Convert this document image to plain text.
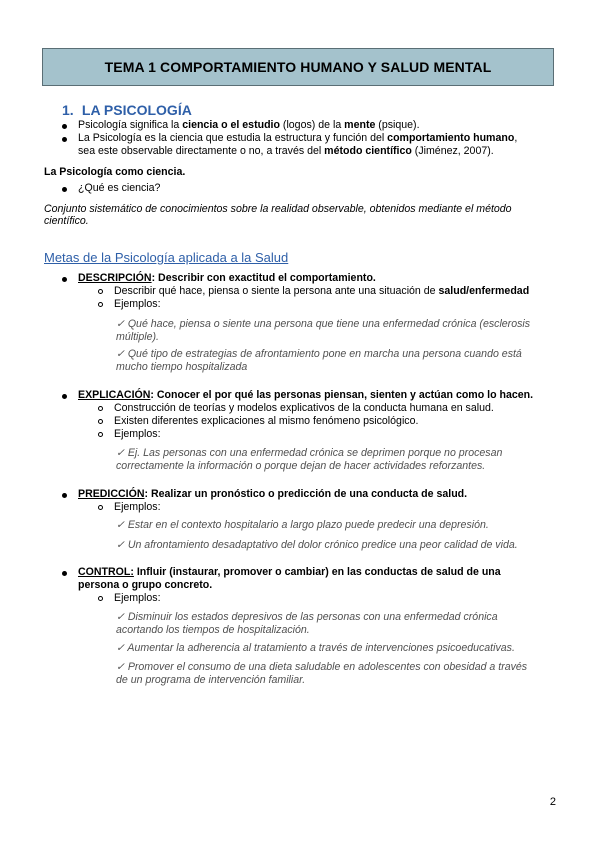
TEMA 1 COMPORTAMIENTO HUMANO Y SALUD MENTAL
1. LA PSICOLOGÍA
Psicología significa la ciencia o el estudio (logos) de la mente (psique).
La Psicología es la ciencia que estudia la estructura y función del comportamiento humano,
sea este observable directamente o no, a través del método científico (Jiménez, 2007).
La Psicología como ciencia.
¿Qué es ciencia?
Conjunto sistemático de conocimientos sobre la realidad observable, obtenidos mediante el método
científico.
Metas de la Psicología aplicada a la Salud
DESCRIPCIÓN: Describir con exactitud el comportamiento.
Describir qué hace, piensa o siente la persona ante una situación de salud/enfermedad
Ejemplos:
✓ Qué hace, piensa o siente una persona que tiene una enfermedad crónica (esclerosis
múltiple).
✓ Qué tipo de estrategias de afrontamiento pone en marcha una persona cuando está
mucho tiempo hospitalizada
EXPLICACIÓN: Conocer el por qué las personas piensan, sienten y actúan como lo hacen.
Construcción de teorías y modelos explicativos de la conducta humana en salud.
Existen diferentes explicaciones al mismo fenómeno psicológico.
Ejemplos:
✓ Ej. Las personas con una enfermedad crónica se deprimen porque no procesan
correctamente la información o porque dejan de hacer actividades reforzantes.
PREDICCIÓN: Realizar un pronóstico o predicción de una conducta de salud.
Ejemplos:
✓ Estar en el contexto hospitalario a largo plazo puede predecir una depresión.
✓ Un afrontamiento desadaptativo del dolor crónico predice una peor calidad de vida.
CONTROL: Influir (instaurar, promover o cambiar) en las conductas de salud de una
persona o grupo concreto.
Ejemplos:
✓ Disminuir los estados depresivos de las personas con una enfermedad crónica
acortando los tiempos de hospitalización.
✓ Aumentar la adherencia al tratamiento a través de intervenciones psicoeducativas.
✓ Promover el consumo de una dieta saludable en adolescentes con obesidad a través
de un programa de intervención familiar.
2
